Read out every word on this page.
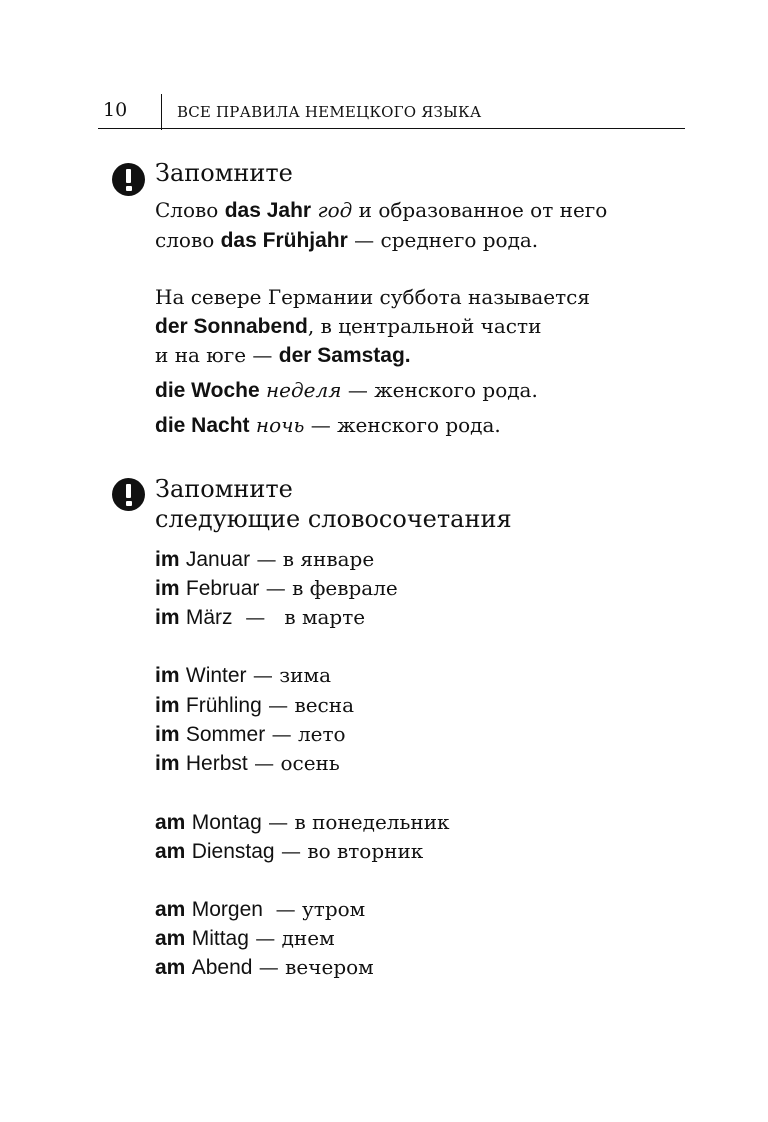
10	ВСЕ ПРАВИЛА НЕМЕЦКОГО ЯЗЫКА
Запомните
Слово das Jahr год и образованное от него
слово das Frühjahr — среднего рода.
На севере Германии суббота называется
der Sonnabend, в центральной части
и на юге — der Samstag.
die Woche неделя — женского рода.
die Nacht ночь — женского рода.
Запомните
следующие словосочетания
im Januar — в январе
im Februar — в феврале
im März  —   в марте
im Winter — зима
im Frühling — весна
im Sommer — лето
im Herbst — осень
am Montag — в понедельник
am Dienstag — во вторник
am Morgen  — утром
am Mittag — днем
am Abend — вечером
